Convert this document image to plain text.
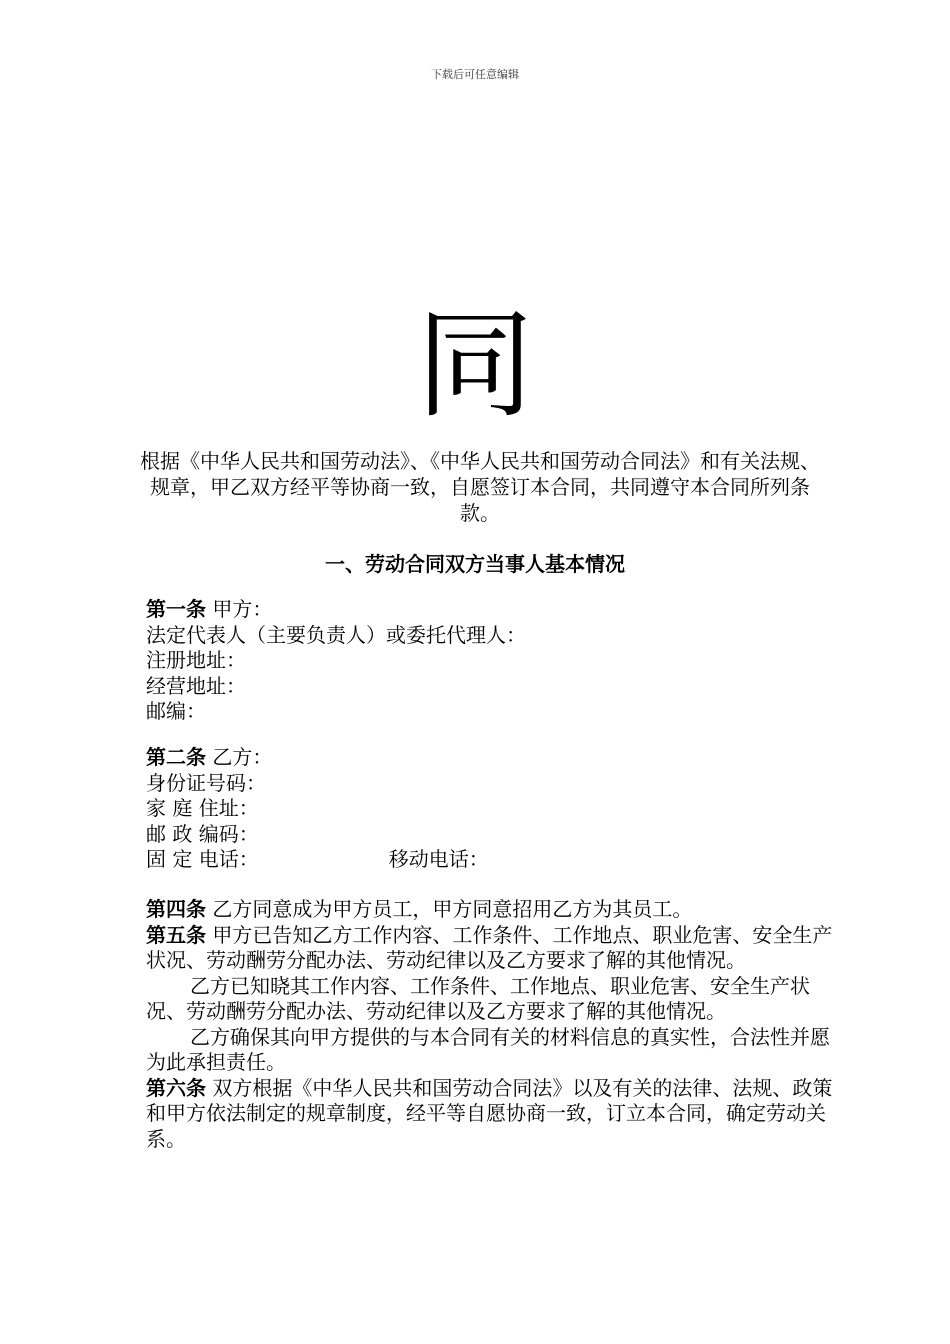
下载后可任意编辑
同
根据《中华人民共和国劳动法》、《中华人民共和国劳动合同法》和有关法规、规章，甲乙双方经平等协商一致，自愿签订本合同，共同遵守本合同所列条款。
一、劳动合同双方当事人基本情况
第一条 甲方：
法定代表人（主要负责人）或委托代理人：
注册地址：
经营地址：
邮编：
第二条 乙方：
身份证号码：
家 庭 住址：
邮 政 编码：
固 定 电话：	移动电话：
第四条 乙方同意成为甲方员工，甲方同意招用乙方为其员工。
第五条 甲方已告知乙方工作内容、工作条件、工作地点、职业危害、安全生产状况、劳动酬劳分配办法、劳动纪律以及乙方要求了解的其他情况。
乙方已知晓其工作内容、工作条件、工作地点、职业危害、安全生产状况、劳动酬劳分配办法、劳动纪律以及乙方要求了解的其他情况。
乙方确保其向甲方提供的与本合同有关的材料信息的真实性，合法性并愿为此承担责任。
第六条 双方根据《中华人民共和国劳动合同法》以及有关的法律、法规、政策和甲方依法制定的规章制度，经平等自愿协商一致，订立本合同，确定劳动关系。
